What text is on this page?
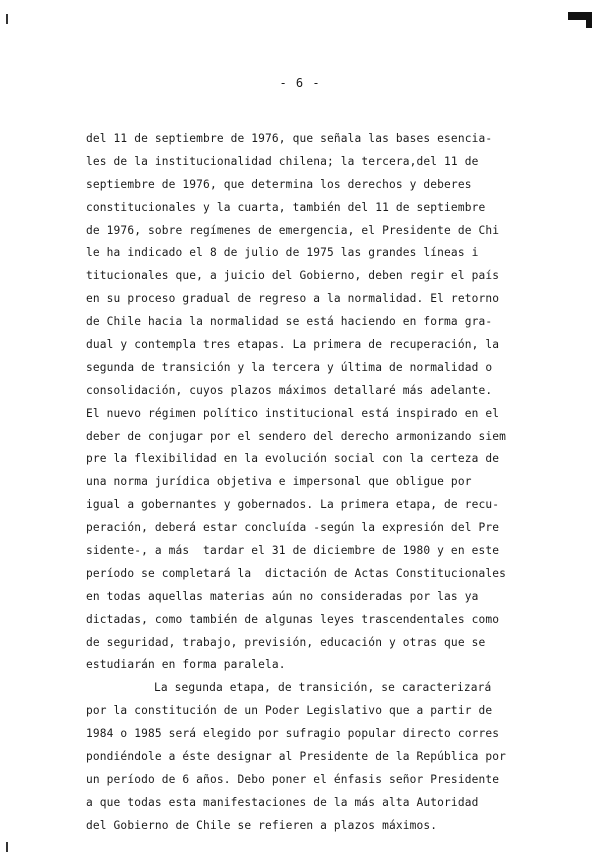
- 6 -
del 11 de septiembre de 1976, que señala las bases esencia-
les de la institucionalidad chilena; la tercera,del 11 de
septiembre de 1976, que determina los derechos y deberes
constitucionales y la cuarta, también del 11 de septiembre
de 1976, sobre regímenes de emergencia, el Presidente de Chi
le ha indicado el 8 de julio de 1975 las grandes líneas i
titucionales que, a juicio del Gobierno, deben regir el país
en su proceso gradual de regreso a la normalidad. El retorno
de Chile hacia la normalidad se está haciendo en forma gra-
dual y contempla tres etapas. La primera de recuperación, la
segunda de transición y la tercera y última de normalidad o
consolidación, cuyos plazos máximos detallaré más adelante.
El nuevo régimen político institucional está inspirado en el
deber de conjugar por el sendero del derecho armonizando siem
pre la flexibilidad en la evolución social con la certeza de
una norma jurídica objetiva e impersonal que obligue por
igual a gobernantes y gobernados. La primera etapa, de recu-
peración, deberá estar concluída -según la expresión del Pre
sidente-, a más  tardar el 31 de diciembre de 1980 y en este
período se completará la  dictación de Actas Constitucionales
en todas aquellas materias aún no consideradas por las ya
dictadas, como también de algunas leyes trascendentales como
de seguridad, trabajo, previsión, educación y otras que se
estudiarán en forma paralela.
La segunda etapa, de transición, se caracterizará
por la constitución de un Poder Legislativo que a partir de
1984 o 1985 será elegido por sufragio popular directo corres
pondiéndole a éste designar al Presidente de la República por
un período de 6 años. Debo poner el énfasis señor Presidente
a que todas esta manifestaciones de la más alta Autoridad
del Gobierno de Chile se refieren a plazos máximos.
